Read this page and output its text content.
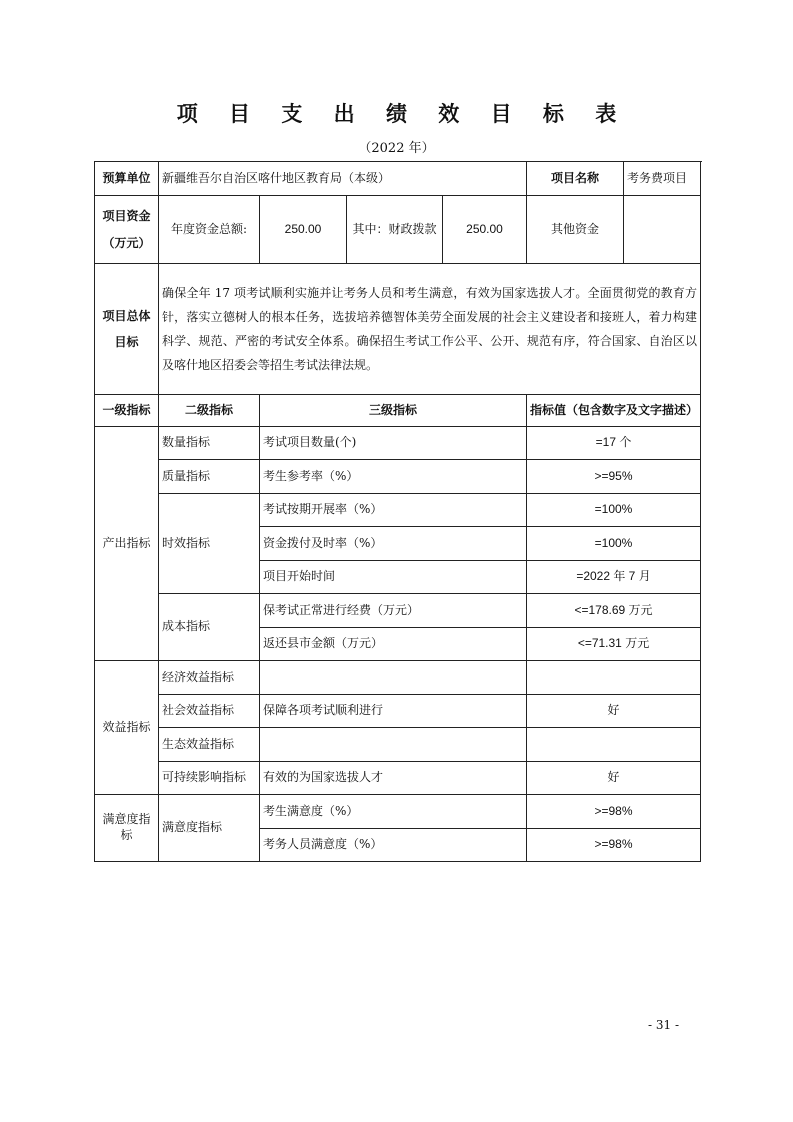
项 目 支 出 绩 效 目 标 表
（2022 年）
预算单位	新疆维吾尔自治区喀什地区教育局（本级）				项目名称	考务费项目
项目资金（万元）	年度资金总额:	250.00	其中：财政拨款	250.00	其他资金	
项目总体目标	确保全年 17 项考试顺利实施并让考务人员和考生满意，有效为国家选拔人才。全面贯彻党的教育方针，落实立德树人的根本任务，选拔培养德智体美劳全面发展的社会主义建设者和接班人，着力构建科学、规范、严密的考试安全体系。确保招生考试工作公平、公开、规范有序，符合国家、自治区以及喀什地区招委会等招生考试法律法规。					
一级指标	二级指标	三级指标			指标值（包含数字及文字描述）	
产出指标	数量指标	考试项目数量(个)			=17 个	
	质量指标	考生参考率（%）			>=95%	
	时效指标	考试按期开展率（%）			=100%	
		资金拨付及时率（%）			=100%	
		项目开始时间			=2022 年 7 月	
	成本指标	保考试正常进行经费（万元）			<=178.69 万元	
		返还县市金额（万元）			<=71.31 万元	
效益指标	经济效益指标					
	社会效益指标	保障各项考试顺利进行			好	
	生态效益指标					
	可持续影响指标	有效的为国家选拔人才			好	
满意度指标	满意度指标	考生满意度（%）			>=98%	
		考务人员满意度（%）			>=98%	
- 31 -
